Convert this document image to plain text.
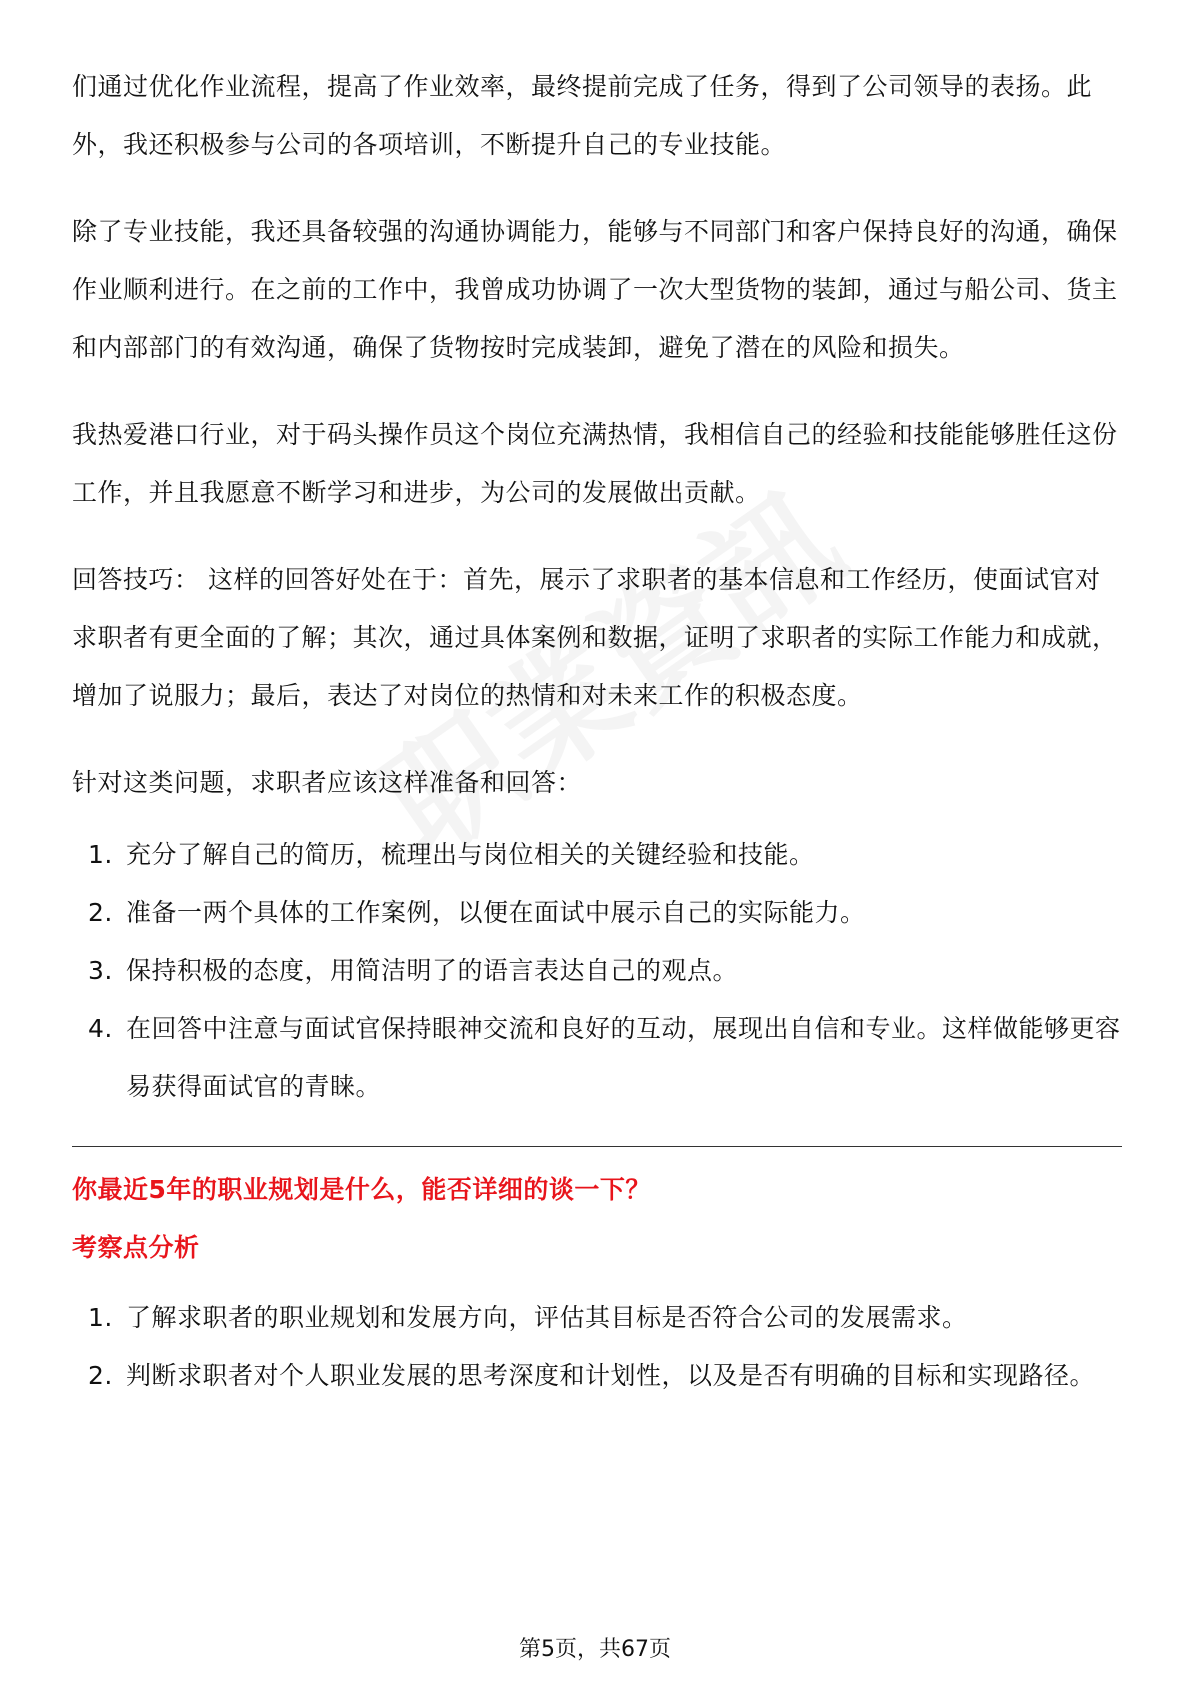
们通过优化作业流程，提高了作业效率，最终提前完成了任务，得到了公司领导的表扬。此外，我还积极参与公司的各项培训，不断提升自己的专业技能。

除了专业技能，我还具备较强的沟通协调能力，能够与不同部门和客户保持良好的沟通，确保作业顺利进行。在之前的工作中，我曾成功协调了一次大型货物的装卸，通过与船公司、货主和内部部门的有效沟通，确保了货物按时完成装卸，避免了潜在的风险和损失。

我热爱港口行业，对于码头操作员这个岗位充满热情，我相信自己的经验和技能能够胜任这份工作，并且我愿意不断学习和进步，为公司的发展做出贡献。

回答技巧： 这样的回答好处在于：首先，展示了求职者的基本信息和工作经历，使面试官对求职者有更全面的了解；其次，通过具体案例和数据，证明了求职者的实际工作能力和成就，增加了说服力；最后，表达了对岗位的热情和对未来工作的积极态度。

针对这类问题，求职者应该这样准备和回答：

1. 充分了解自己的简历，梳理出与岗位相关的关键经验和技能。
2. 准备一两个具体的工作案例，以便在面试中展示自己的实际能力。
3. 保持积极的态度，用简洁明了的语言表达自己的观点。
4. 在回答中注意与面试官保持眼神交流和良好的互动，展现出自信和专业。这样做能够更容易获得面试官的青睐。

你最近5年的职业规划是什么，能否详细的谈一下？

考察点分析

1. 了解求职者的职业规划和发展方向，评估其目标是否符合公司的发展需求。
2. 判断求职者对个人职业发展的思考深度和计划性，以及是否有明确的目标和实现路径。
第5页，共67页
